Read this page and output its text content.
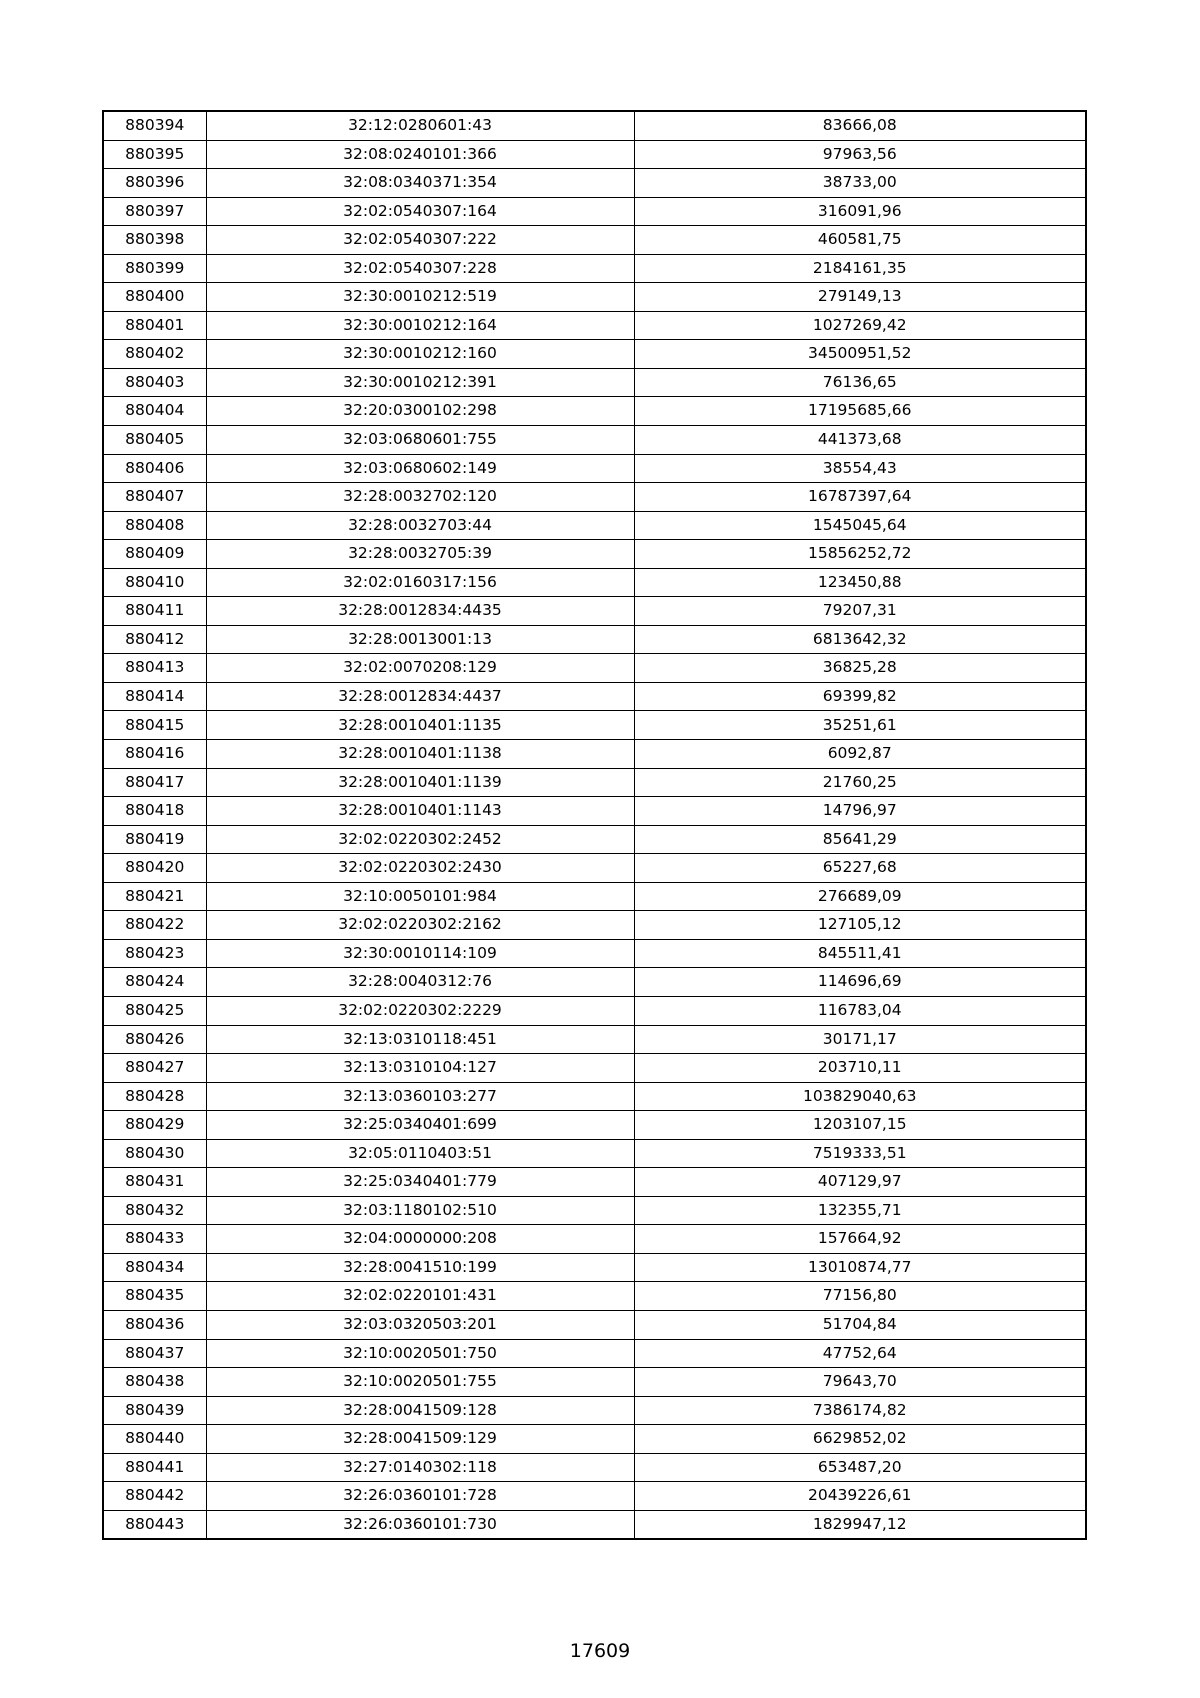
880394	32:12:0280601:43	83666,08
880395	32:08:0240101:366	97963,56
880396	32:08:0340371:354	38733,00
880397	32:02:0540307:164	316091,96
880398	32:02:0540307:222	460581,75
880399	32:02:0540307:228	2184161,35
880400	32:30:0010212:519	279149,13
880401	32:30:0010212:164	1027269,42
880402	32:30:0010212:160	34500951,52
880403	32:30:0010212:391	76136,65
880404	32:20:0300102:298	17195685,66
880405	32:03:0680601:755	441373,68
880406	32:03:0680602:149	38554,43
880407	32:28:0032702:120	16787397,64
880408	32:28:0032703:44	1545045,64
880409	32:28:0032705:39	15856252,72
880410	32:02:0160317:156	123450,88
880411	32:28:0012834:4435	79207,31
880412	32:28:0013001:13	6813642,32
880413	32:02:0070208:129	36825,28
880414	32:28:0012834:4437	69399,82
880415	32:28:0010401:1135	35251,61
880416	32:28:0010401:1138	6092,87
880417	32:28:0010401:1139	21760,25
880418	32:28:0010401:1143	14796,97
880419	32:02:0220302:2452	85641,29
880420	32:02:0220302:2430	65227,68
880421	32:10:0050101:984	276689,09
880422	32:02:0220302:2162	127105,12
880423	32:30:0010114:109	845511,41
880424	32:28:0040312:76	114696,69
880425	32:02:0220302:2229	116783,04
880426	32:13:0310118:451	30171,17
880427	32:13:0310104:127	203710,11
880428	32:13:0360103:277	103829040,63
880429	32:25:0340401:699	1203107,15
880430	32:05:0110403:51	7519333,51
880431	32:25:0340401:779	407129,97
880432	32:03:1180102:510	132355,71
880433	32:04:0000000:208	157664,92
880434	32:28:0041510:199	13010874,77
880435	32:02:0220101:431	77156,80
880436	32:03:0320503:201	51704,84
880437	32:10:0020501:750	47752,64
880438	32:10:0020501:755	79643,70
880439	32:28:0041509:128	7386174,82
880440	32:28:0041509:129	6629852,02
880441	32:27:0140302:118	653487,20
880442	32:26:0360101:728	20439226,61
880443	32:26:0360101:730	1829947,12
17609
